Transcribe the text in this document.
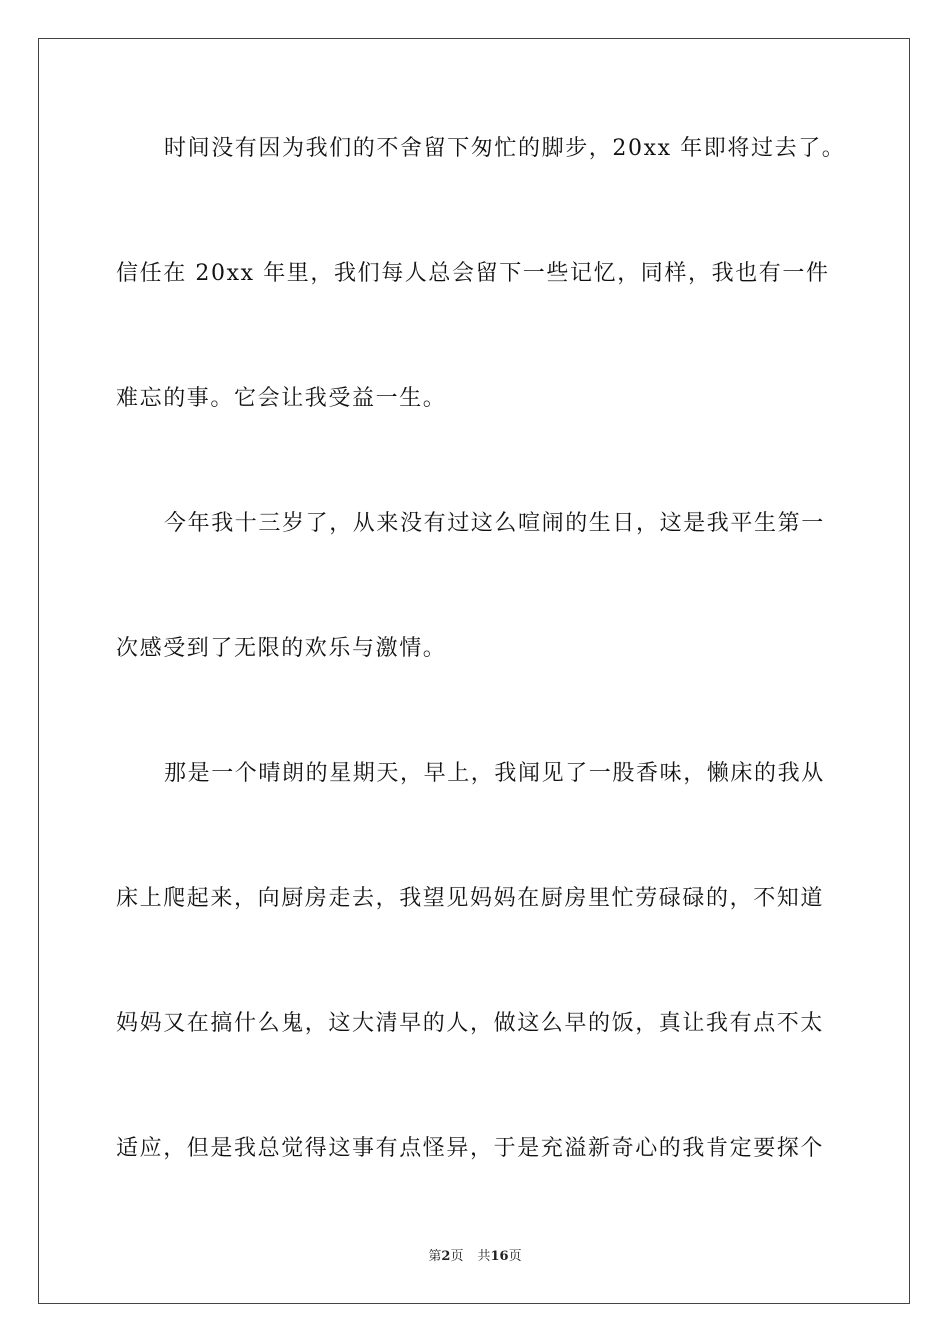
时间没有因为我们的不舍留下匆忙的脚步，20xx 年即将过去了。
信任在 20xx 年里，我们每人总会留下一些记忆，同样，我也有一件
难忘的事。它会让我受益一生。
今年我十三岁了，从来没有过这么喧闹的生日，这是我平生第一
次感受到了无限的欢乐与激情。
那是一个晴朗的星期天，早上，我闻见了一股香味，懒床的我从
床上爬起来，向厨房走去，我望见妈妈在厨房里忙劳碌碌的，不知道
妈妈又在搞什么鬼，这大清早的人，做这么早的饭，真让我有点不太
适应，但是我总觉得这事有点怪异，于是充溢新奇心的我肯定要探个
第2页 共16页
